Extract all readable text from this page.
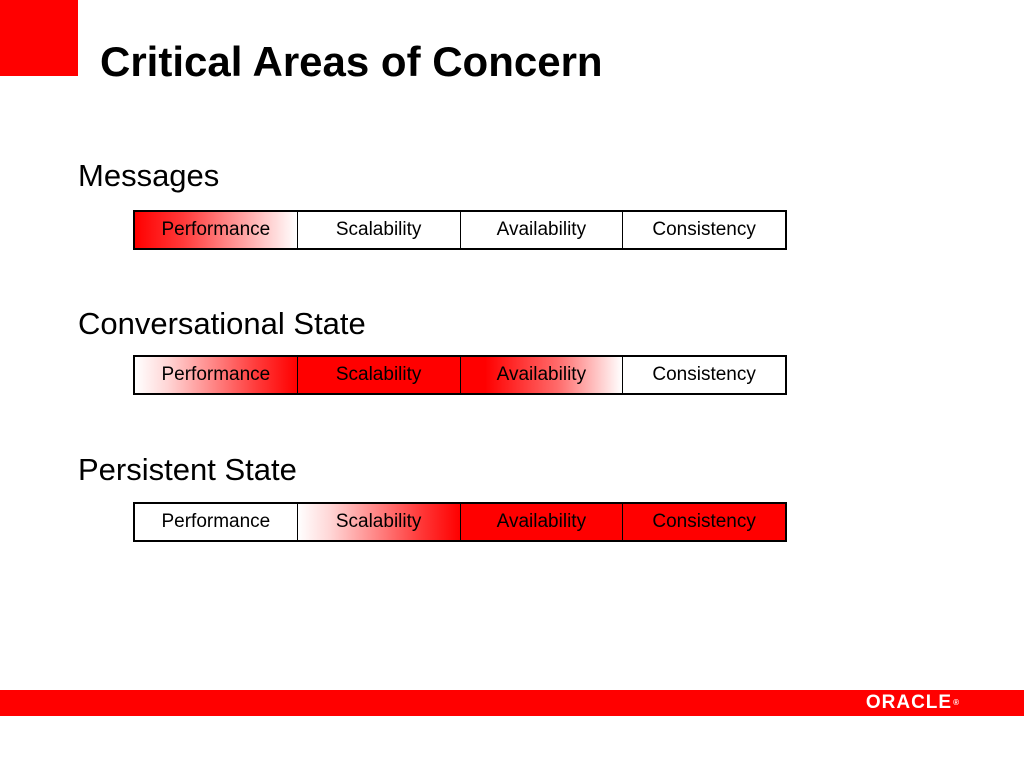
Critical Areas of Concern
Messages
Performance	Scalability	Availability	Consistency
Conversational State
Performance	Scalability	Availability	Consistency
Persistent State
Performance	Scalability	Availability	Consistency
ORACLE®
